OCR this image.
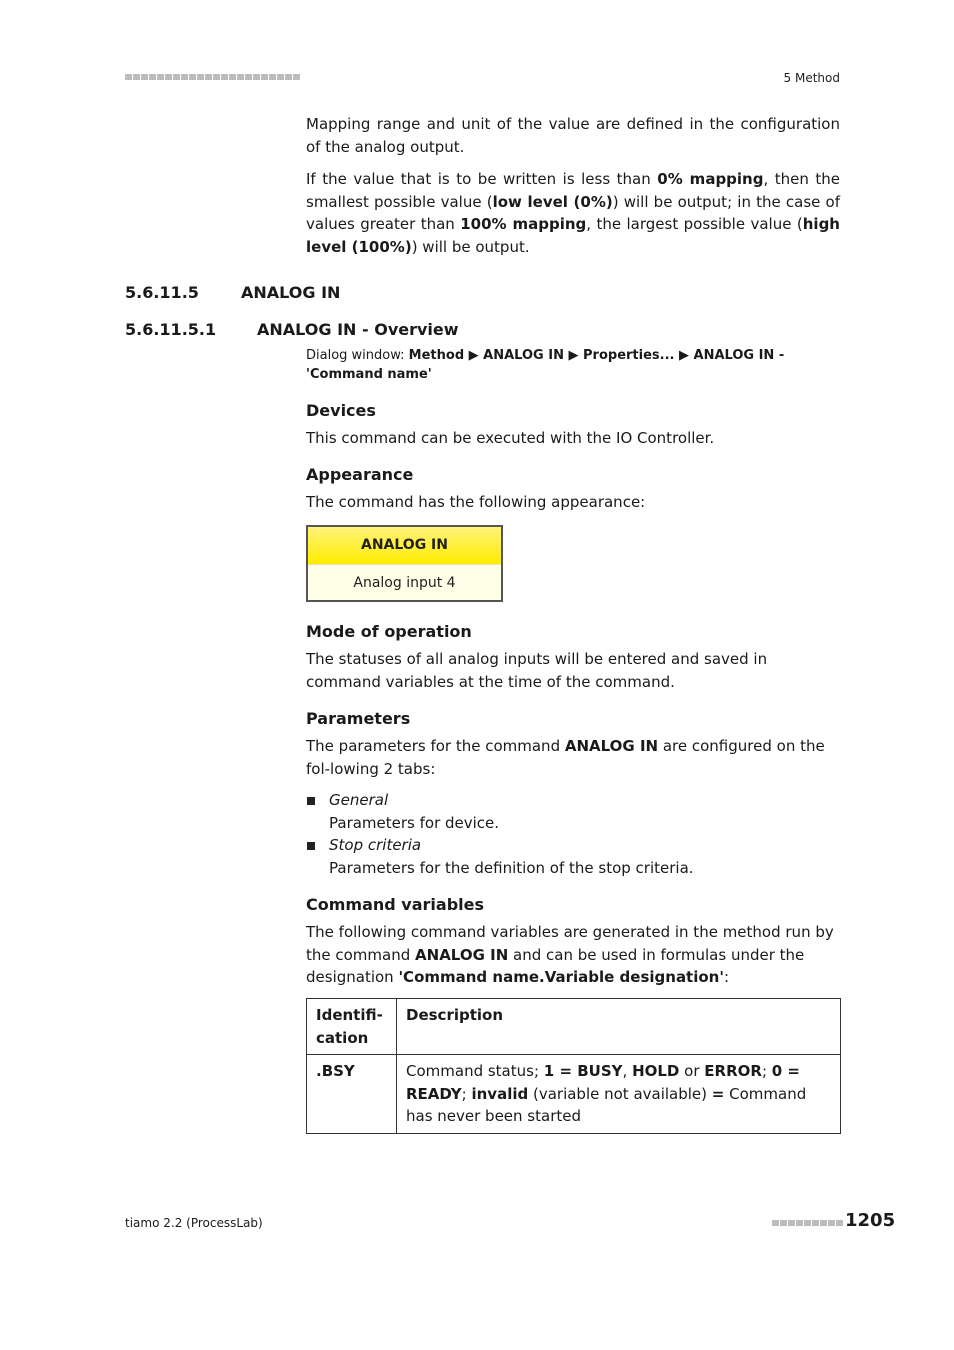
5 Method
Mapping range and unit of the value are defined in the configuration of the analog output.
If the value that is to be written is less than 0% mapping, then the smallest possible value (low level (0%)) will be output; in the case of values greater than 100% mapping, the largest possible value (high level (100%)) will be output.
5.6.11.5	ANALOG IN
5.6.11.5.1	ANALOG IN - Overview
Dialog window: Method ▶ ANALOG IN ▶ Properties... ▶ ANALOG IN - 'Command name'
Devices
This command can be executed with the IO Controller.
Appearance
The command has the following appearance:
ANALOG IN
Analog input 4
Mode of operation
The statuses of all analog inputs will be entered and saved in command variables at the time of the command.
Parameters
The parameters for the command ANALOG IN are configured on the fol-lowing 2 tabs:
General
Parameters for device.
Stop criteria
Parameters for the definition of the stop criteria.
Command variables
The following command variables are generated in the method run by the command ANALOG IN and can be used in formulas under the designation 'Command name.Variable designation':
Identifi-cation	Description
.BSY	Command status; 1 = BUSY, HOLD or ERROR; 0 = READY; invalid (variable not available) = Command has never been started
tiamo 2.2 (ProcessLab)	1205
